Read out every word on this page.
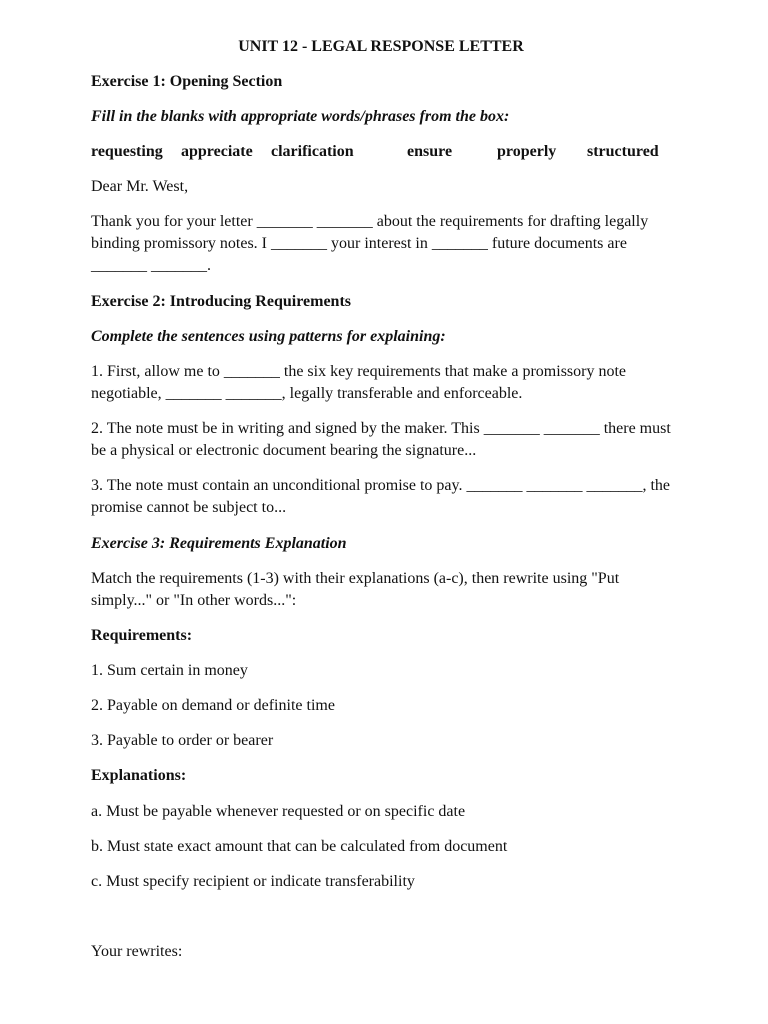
UNIT 12 - LEGAL RESPONSE LETTER
Exercise 1: Opening Section
Fill in the blanks with appropriate words/phrases from the box:
requesting appreciate clarification	ensure	properly structured
Dear Mr. West,
Thank you for your letter _______ _______ about the requirements for drafting legally binding promissory notes. I _______ your interest in _______ future documents are _______ _______.
Exercise 2: Introducing Requirements
Complete the sentences using patterns for explaining:
1. First, allow me to _______ the six key requirements that make a promissory note negotiable, _______ _______, legally transferable and enforceable.
2. The note must be in writing and signed by the maker. This _______ _______ there must be a physical or electronic document bearing the signature...
3. The note must contain an unconditional promise to pay. _______ _______ _______, the promise cannot be subject to...
Exercise 3: Requirements Explanation
Match the requirements (1-3) with their explanations (a-c), then rewrite using "Put simply..." or "In other words...":
Requirements:
1. Sum certain in money
2. Payable on demand or definite time
3. Payable to order or bearer
Explanations:
a. Must be payable whenever requested or on specific date
b. Must state exact amount that can be calculated from document
c. Must specify recipient or indicate transferability
Your rewrites:
